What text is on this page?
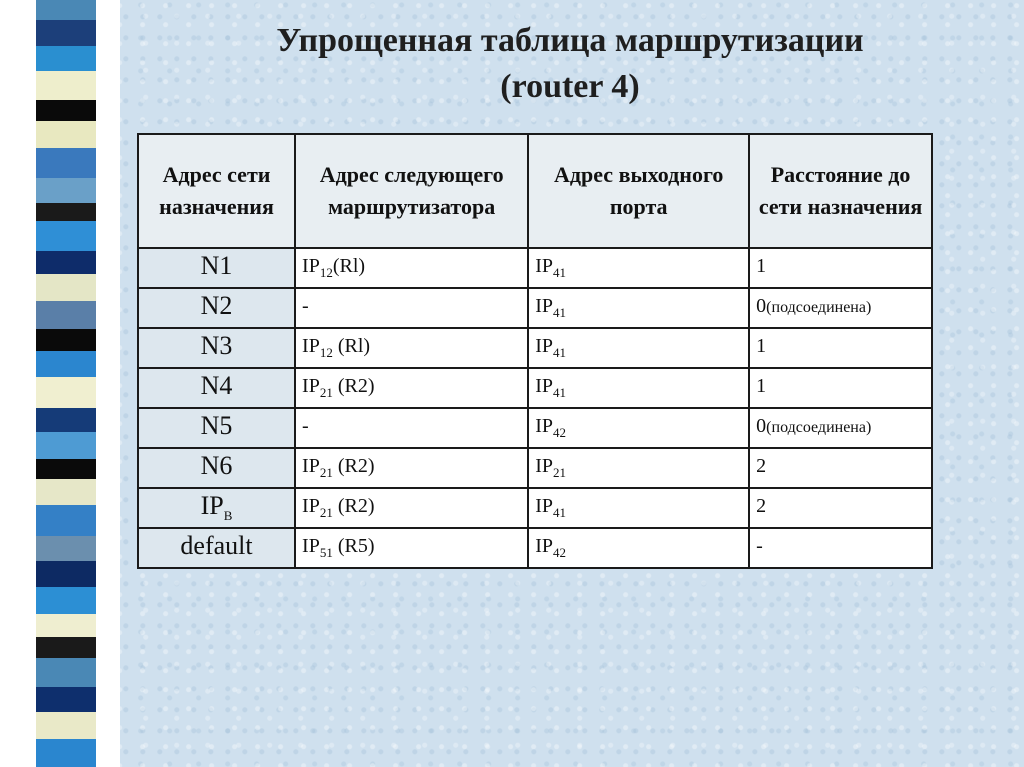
Упрощенная таблица маршрутизации
(router 4)
Адрес сети назначения	Адрес следующего маршрутизатора	Адрес выходного порта	Расстояние до сети назначения
N1	$IP_{12}(Rl)$	$IP_{41}$	1
N2	-	$IP_{41}$	0(подсоединена)
N3	$IP_{12}$ (Rl)	$IP_{41}$	1
N4	$IP_{21}$ (R2)	$IP_{41}$	1
N5	-	$IP_{42}$	0(подсоединена)
N6	$IP_{21}$ (R2)	$IP_{21}$	2
$IP_B$	$IP_{21}$ (R2)	$IP_{41}$	2
default	$IP_{51}$ (R5)	$IP_{42}$	-
